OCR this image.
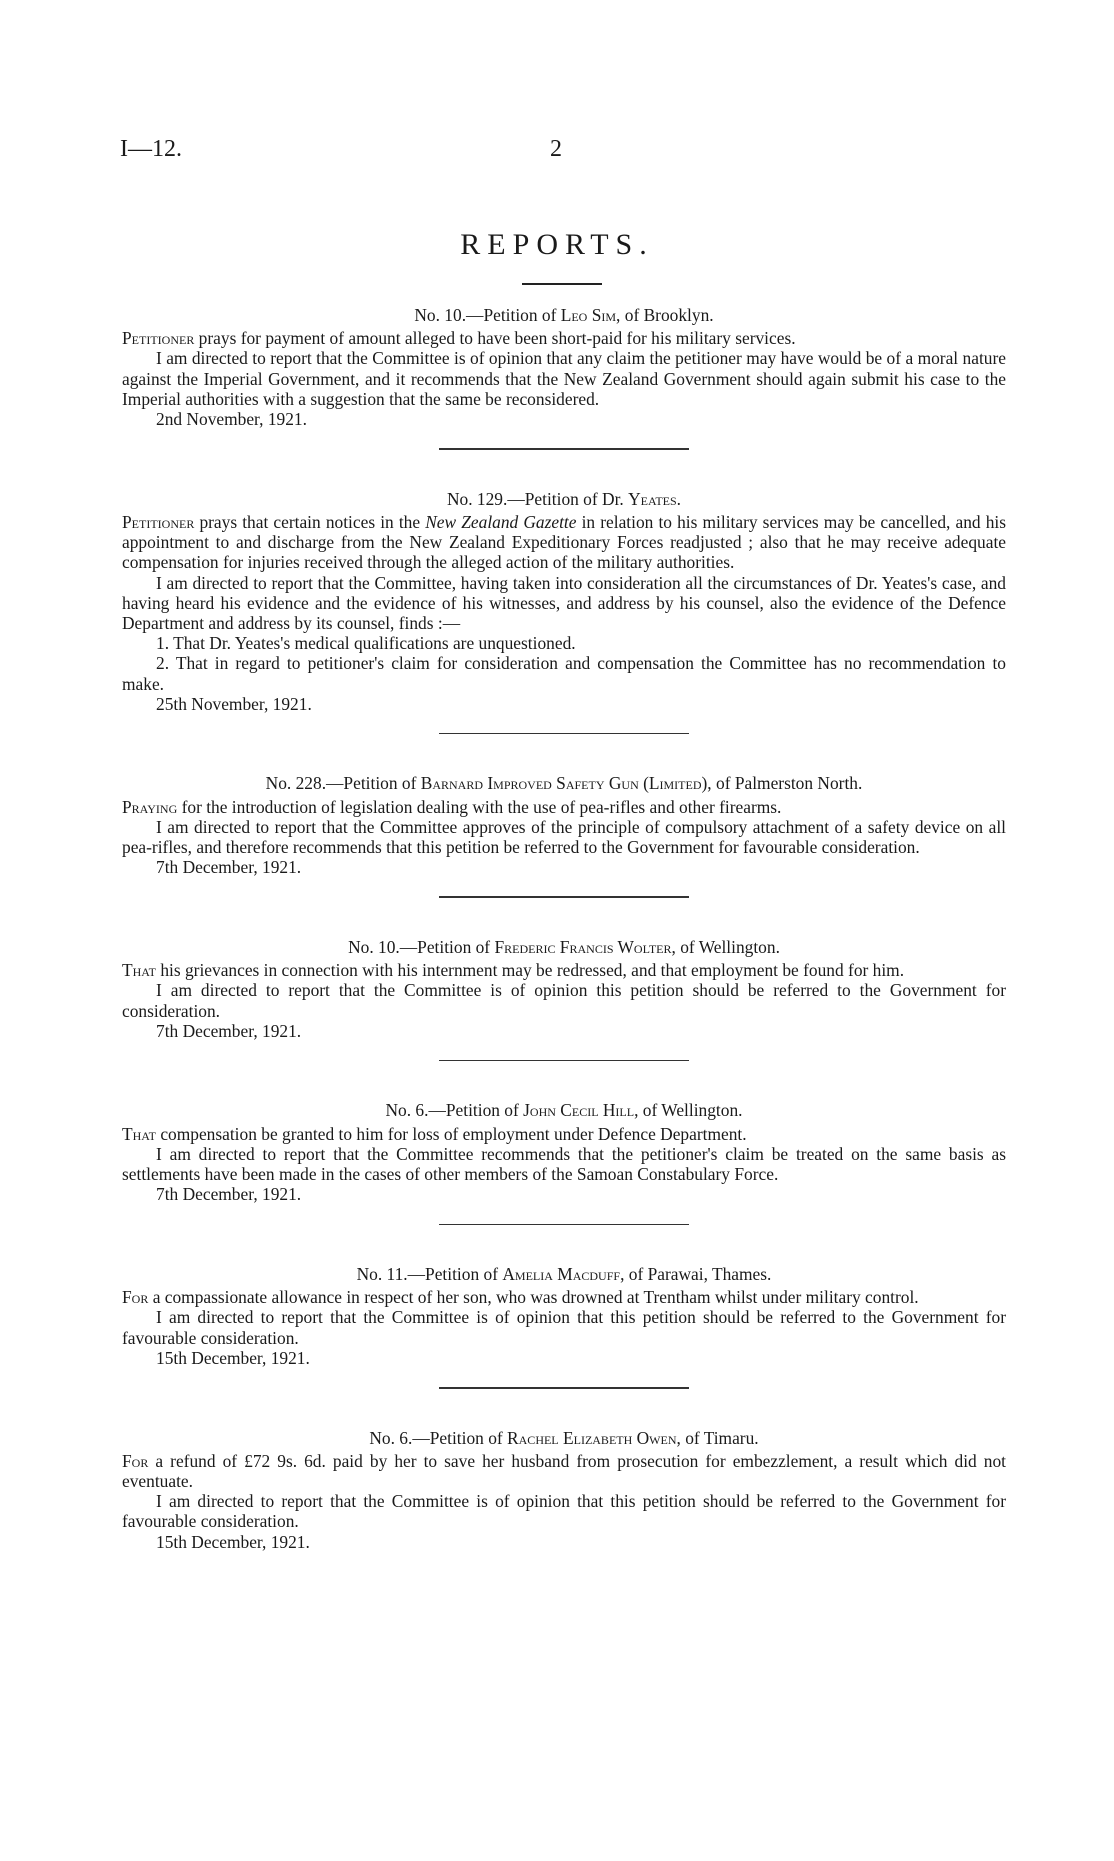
I—12.	2
REPORTS.
No. 10.—Petition of Leo Sim, of Brooklyn.

Petitioner prays for payment of amount alleged to have been short-paid for his military services.

I am directed to report that the Committee is of opinion that any claim the petitioner may have would be of a moral nature against the Imperial Government, and it recommends that the New Zealand Government should again submit his case to the Imperial authorities with a suggestion that the same be reconsidered.

2nd November, 1921.

No. 129.—Petition of Dr. Yeates.

Petitioner prays that certain notices in the New Zealand Gazette in relation to his military services may be cancelled, and his appointment to and discharge from the New Zealand Expeditionary Forces readjusted ; also that he may receive adequate compensation for injuries received through the alleged action of the military authorities.

I am directed to report that the Committee, having taken into consideration all the circumstances of Dr. Yeates's case, and having heard his evidence and the evidence of his witnesses, and address by his counsel, also the evidence of the Defence Department and address by its counsel, finds :—

1. That Dr. Yeates's medical qualifications are unquestioned.

2. That in regard to petitioner's claim for consideration and compensation the Committee has no recommendation to make.

25th November, 1921.

No. 228.—Petition of Barnard Improved Safety Gun (Limited), of Palmerston North.

Praying for the introduction of legislation dealing with the use of pea-rifles and other firearms.

I am directed to report that the Committee approves of the principle of compulsory attachment of a safety device on all pea-rifles, and therefore recommends that this petition be referred to the Government for favourable consideration.

7th December, 1921.

No. 10.—Petition of Frederic Francis Wolter, of Wellington.

That his grievances in connection with his internment may be redressed, and that employment be found for him.

I am directed to report that the Committee is of opinion this petition should be referred to the Government for consideration.

7th December, 1921.

No. 6.—Petition of John Cecil Hill, of Wellington.

That compensation be granted to him for loss of employment under Defence Department.

I am directed to report that the Committee recommends that the petitioner's claim be treated on the same basis as settlements have been made in the cases of other members of the Samoan Constabulary Force.

7th December, 1921.

No. 11.—Petition of Amelia Macduff, of Parawai, Thames.

For a compassionate allowance in respect of her son, who was drowned at Trentham whilst under military control.

I am directed to report that the Committee is of opinion that this petition should be referred to the Government for favourable consideration.

15th December, 1921.

No. 6.—Petition of Rachel Elizabeth Owen, of Timaru.

For a refund of £72 9s. 6d. paid by her to save her husband from prosecution for embezzlement, a result which did not eventuate.

I am directed to report that the Committee is of opinion that this petition should be referred to the Government for favourable consideration.

15th December, 1921.
